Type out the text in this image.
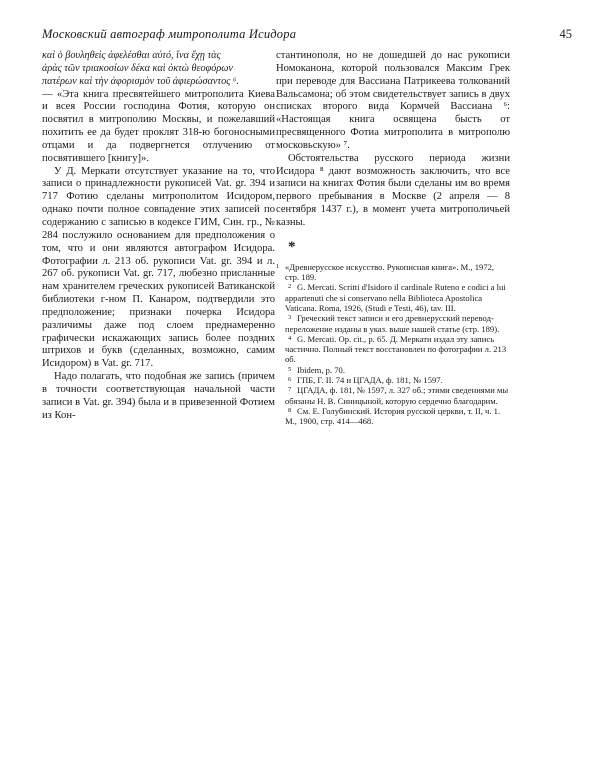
Московский автограф митрополита Исидора	45

καὶ ὁ βουληθεὶς ἀφελέσθαι αὐτό, ἵνα ἔχῃ τὰς

ἀρὰς τῶν τριακοσίων δέκα καὶ ὀκτὼ θεοφόρων

πατέρων καὶ τὴν ἀφορισμὸν τοῦ ἀφιερώσαντος ⁶.

— «Эта книга пресвятейшего митрополита Киева и всея России господина Фотия, которую он посвятил в митрополию Москвы, и пожелавший похитить ее да будет проклят 318-ю богоносными отцами и да подвергнется отлучению от посвятившего [книгу]».

У Д. Меркати отсутствует указание на то, что записи о принадлежности рукописей Vat. gr. 394 и 717 Фотию сделаны митрополитом Исидором, однако почти полное совпадение этих записей по содержанию с записью в кодексе ГИМ, Син. гр., № 284 послужило основанием для предположения о том, что и они являются автографом Исидора. Фотографии л. 213 об. рукописи Vat. gr. 394 и л. 267 об. рукописи Vat. gr. 717, любезно присланные нам хранителем греческих рукописей Ватиканской библиотеки г-ном П. Канаром, подтвердили это предположение; признаки почерка Исидора различимы даже под слоем преднамеренно графически искажающих запись более поздних штрихов и букв (сделанных, возможно, самим Исидором) в Vat. gr. 717.

Надо полагать, что подобная же запись (причем в точности соответствующая начальной части записи в Vat. gr. 394) была и в привезенной Фотием из Кон-

стантинополя, но не дошедшей до нас рукописи Номоканона, которой пользовался Максим Грек при переводе для Вассиана Патрикеева толкований Вальсамона; об этом свидетельствует запись в двух списках второго вида Кормчей Вассиана ⁶: «Настоящая книга освящена бысть от пресвященного Фотиа митрополита в митрополю московьскую» ⁷.

Обстоятельства русского периода жизни Исидора ⁸ дают возможность заключить, что все записи на книгах Фотия были сделаны им во время первого пребывания в Москве (2 апреля — 8 сентября 1437 г.), в момент учета митрополичьей казны.

*

1 «Древнерусское искусство. Рукописная книга». М., 1972, стр. 189.

2 G. Mercati. Scritti d'Isidoro il cardinale Ruteno e codici a lui appartenuti che si conservano nella Biblioteca Apostolica Vaticana. Roma, 1926, (Studi e Testi, 46), tav. III.

3 Греческий текст записи и его древнерусский перевод-переложение изданы в указ. выше нашей статье (стр. 189).

4 G. Mercati. Op. cit., p. 65. Д. Меркати издал эту запись частично. Полный текст восстановлен по фотографии л. 213 об.

5 Ibidem, p. 70.

6 ГПБ, Г. II. 74 и ЦГАДА, ф. 181, № 1597.

7 ЦГАДА, ф. 181, № 1597, л. 327 об.; этими сведениями мы обязаны Н. В. Синицыной, которую сердечно благодарим.

8 См. Е. Голубинский. История русской церкви, т. II, ч. 1. М., 1900, стр. 414—468.
